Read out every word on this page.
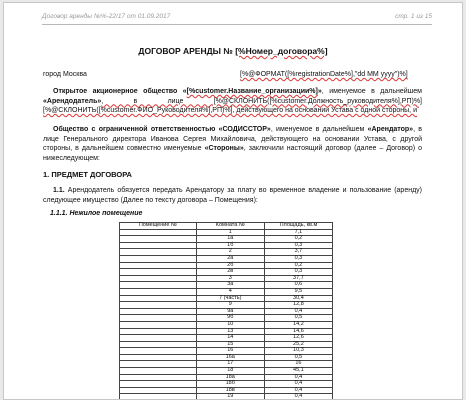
Договор аренды №%-22/17 от 01.09.2017	стр. 1 из 15
ДОГОВОР АРЕНДЫ № [%Номер_договора%]
город Москва	[%@ФОРМАТ([%registrationDate%],"dd MM yyyy")%]
Открытое акционерное общество «[%customer.Название_организации%]», именуемое в дальнейшем «Арендодатель», в лице [%@СКЛОНИТЬ([%customer.Должность_руководителя%],РП)%] [%@СКЛОНИТЬ([%customer.ФИО_Руководителя%],РП)%], действующего на основании Устава с одной стороны, и
Общество с ограниченной ответственностью «СОДИССТОР», именуемое в дальнейшем «Арендатор», в лице Генерального директора Иванова Сергея Михайловича, действующего на основании Устава, с другой стороны, в дальнейшем совместно именуемые «Стороны», заключили настоящий договор (далее – Договор) о нижеследующем:
1. ПРЕДМЕТ ДОГОВОРА
1.1. Арендодатель обязуется передать Арендатору за плату во временное владение и пользование (аренду) следующее имущество (Далее по тексту договора – Помещения):
1.1.1. Нежилое помещение
Помещение №	Комната №	Площадь, кв.м
	1	7,1
	1а	0,2
	1б	0,3
	2	3,7
	2а	0,3
	2б	0,2
	2в	0,3
	3	37,7
	3а	0,6
	4	9,5
	7 (часть)	30,4
	9	12,8
	9а	0,4
	9б	0,5
	10	14,2
	13	14,6
	14	12,6
	15	25,2
	16	10,3
	16а	0,5
	17	16
	18	45,1
	18а	0,4
	18б	0,4
	18в	0,4
	19	0,4
